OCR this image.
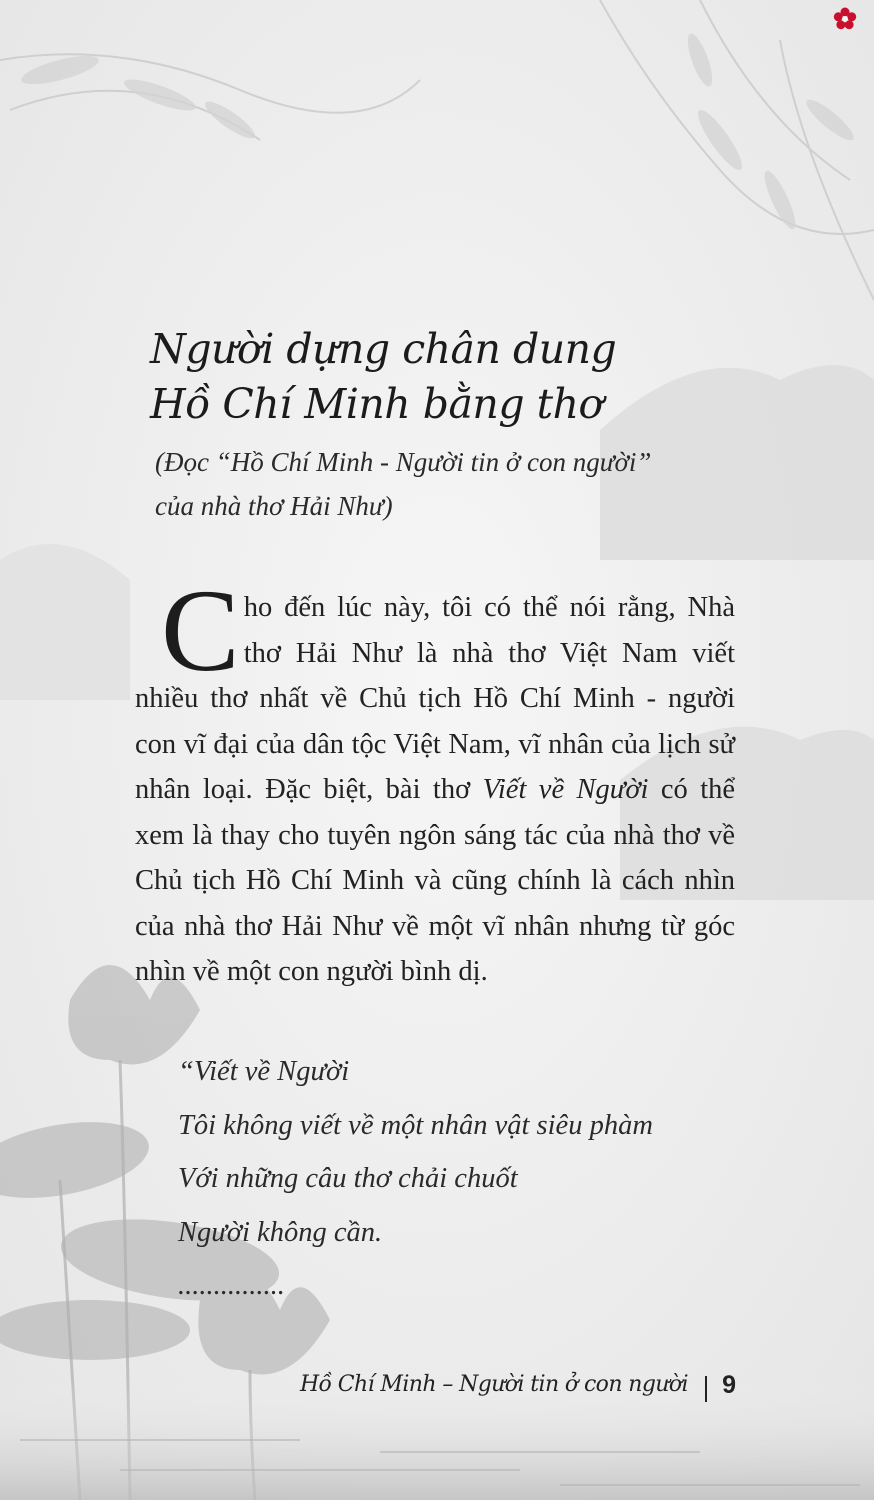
Người dựng chân dung
Hồ Chí Minh bằng thơ
(Đọc “Hồ Chí Minh - Người tin ở con người”
của nhà thơ Hải Như)
C ho đến lúc này, tôi có thể nói rằng, Nhà thơ Hải Như là nhà thơ Việt Nam viết nhiều thơ nhất về Chủ tịch Hồ Chí Minh - người con vĩ đại của dân tộc Việt Nam, vĩ nhân của lịch sử nhân loại. Đặc biệt, bài thơ Viết về Người có thể xem là thay cho tuyên ngôn sáng tác của nhà thơ về Chủ tịch Hồ Chí Minh và cũng chính là cách nhìn của nhà thơ Hải Như về một vĩ nhân nhưng từ góc nhìn về một con người bình dị.

“Viết về Người
Tôi không viết về một nhân vật siêu phàm
Với những câu thơ chải chuốt
Người không cần.
...............
Hồ Chí Minh – Người tin ở con người 9
